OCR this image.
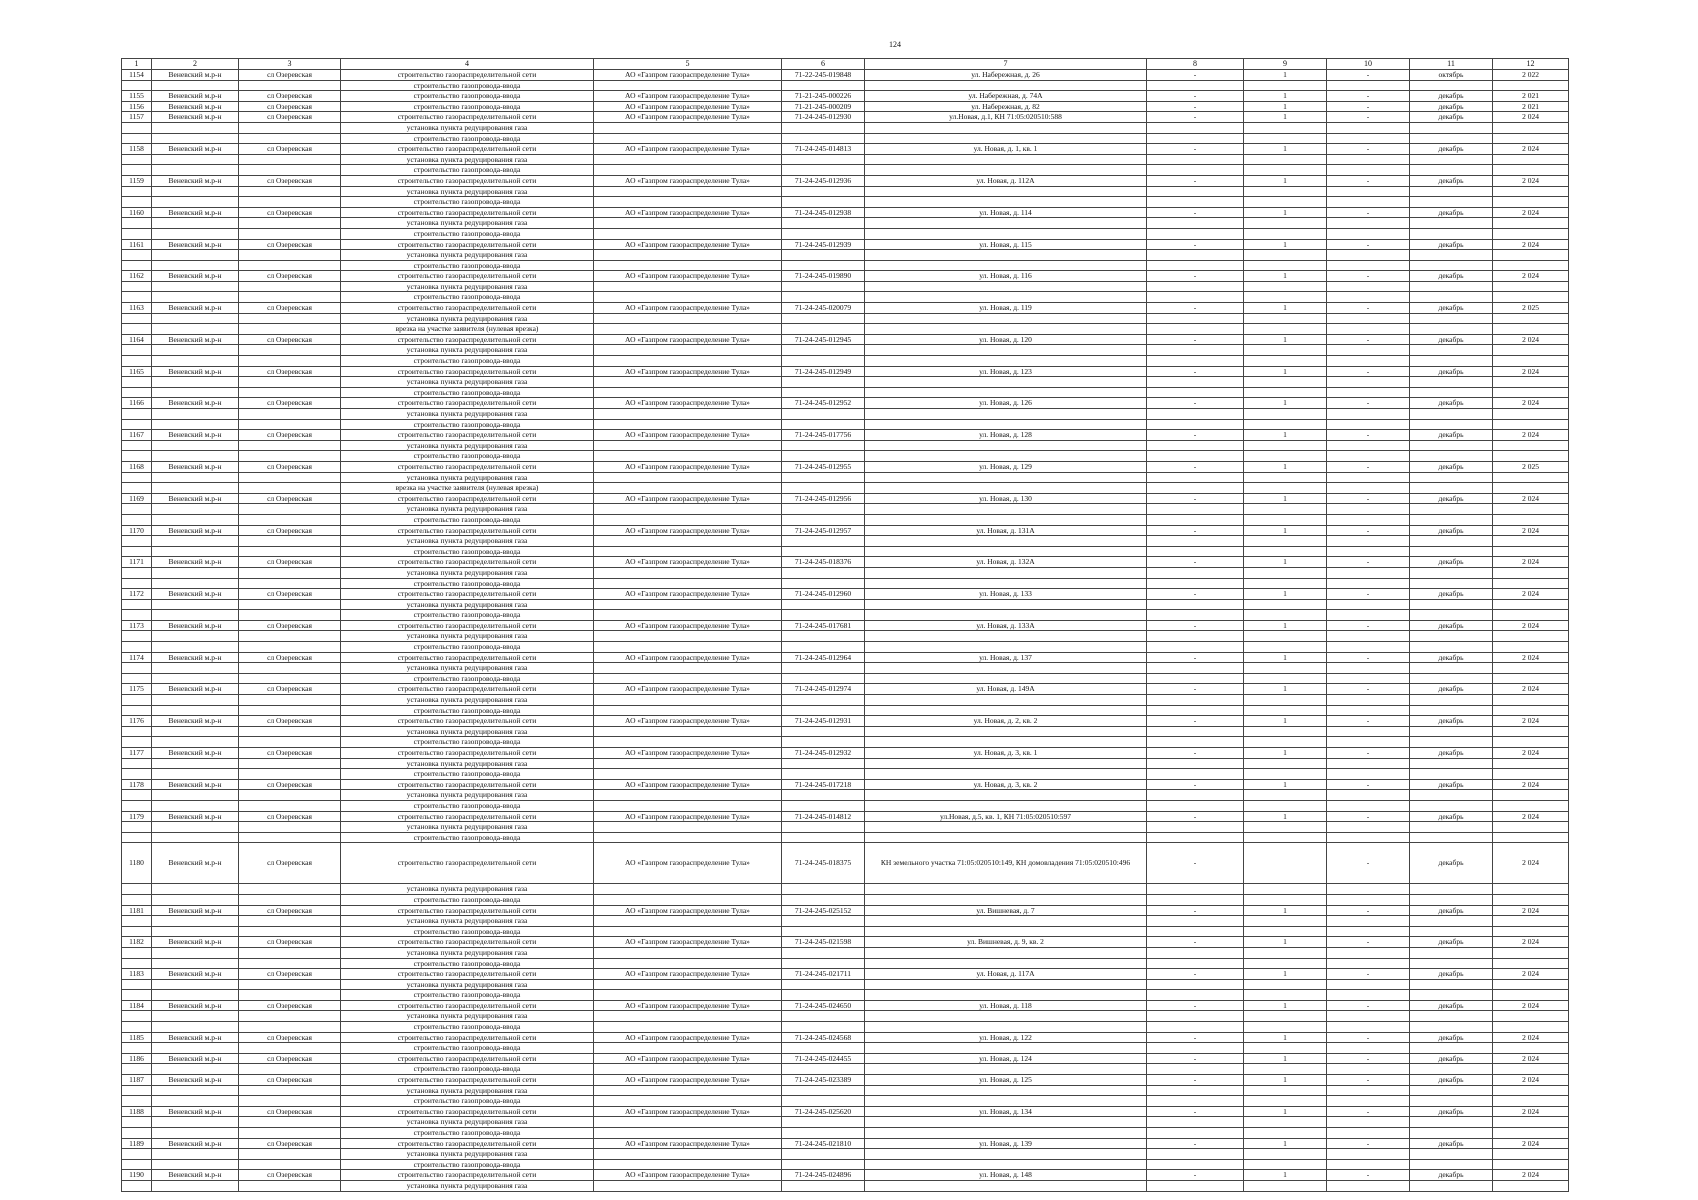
124
1	2	3	4	5	6	7	8	9	10	11	12
1154	Веневский м.р-н	сл Озеревская	строительство газораспределительной сети	АО «Газпром газораспределение Тула»	71-22-245-019848	ул. Набережная, д. 26	-	1	-	октябрь	2 022
			строительство газопровода-ввода								
1155	Веневский м.р-н	сл Озеревская	строительство газопровода-ввода	АО «Газпром газораспределение Тула»	71-21-245-000226	ул. Набережная, д. 74А	-	1	-	декабрь	2 021
1156	Веневский м.р-н	сл Озеревская	строительство газопровода-ввода	АО «Газпром газораспределение Тула»	71-21-245-000209	ул. Набережная, д. 82	-	1	-	декабрь	2 021
1157	Веневский м.р-н	сл Озеревская	строительство газораспределительной сети	АО «Газпром газораспределение Тула»	71-24-245-012930	ул.Новая, д.1, КН 71:05:020510:588	-	1	-	декабрь	2 024
			установка пункта редуцирования газа								
			строительство газопровода-ввода								
1158	Веневский м.р-н	сл Озеревская	строительство газораспределительной сети	АО «Газпром газораспределение Тула»	71-24-245-014813	ул. Новая, д. 1, кв. 1	-	1	-	декабрь	2 024
			установка пункта редуцирования газа								
			строительство газопровода-ввода								
1159	Веневский м.р-н	сл Озеревская	строительство газораспределительной сети	АО «Газпром газораспределение Тула»	71-24-245-012936	ул. Новая, д. 112А	-	1	-	декабрь	2 024
			установка пункта редуцирования газа								
			строительство газопровода-ввода								
1160	Веневский м.р-н	сл Озеревская	строительство газораспределительной сети	АО «Газпром газораспределение Тула»	71-24-245-012938	ул. Новая, д. 114	-	1	-	декабрь	2 024
			установка пункта редуцирования газа								
			строительство газопровода-ввода								
1161	Веневский м.р-н	сл Озеревская	строительство газораспределительной сети	АО «Газпром газораспределение Тула»	71-24-245-012939	ул. Новая, д. 115	-	1	-	декабрь	2 024
			установка пункта редуцирования газа								
			строительство газопровода-ввода								
1162	Веневский м.р-н	сл Озеревская	строительство газораспределительной сети	АО «Газпром газораспределение Тула»	71-24-245-019890	ул. Новая, д. 116	-	1	-	декабрь	2 024
			установка пункта редуцирования газа								
			строительство газопровода-ввода								
1163	Веневский м.р-н	сл Озеревская	строительство газораспределительной сети	АО «Газпром газораспределение Тула»	71-24-245-020079	ул. Новая, д. 119	-	1	-	декабрь	2 025
			установка пункта редуцирования газа								
			врезка на участке заявителя (нулевая врезка)								
1164	Веневский м.р-н	сл Озеревская	строительство газораспределительной сети	АО «Газпром газораспределение Тула»	71-24-245-012945	ул. Новая, д. 120	-	1	-	декабрь	2 024
			установка пункта редуцирования газа								
			строительство газопровода-ввода								
1165	Веневский м.р-н	сл Озеревская	строительство газораспределительной сети	АО «Газпром газораспределение Тула»	71-24-245-012949	ул. Новая, д. 123	-	1	-	декабрь	2 024
			установка пункта редуцирования газа								
			строительство газопровода-ввода								
1166	Веневский м.р-н	сл Озеревская	строительство газораспределительной сети	АО «Газпром газораспределение Тула»	71-24-245-012952	ул. Новая, д. 126	-	1	-	декабрь	2 024
			установка пункта редуцирования газа								
			строительство газопровода-ввода								
1167	Веневский м.р-н	сл Озеревская	строительство газораспределительной сети	АО «Газпром газораспределение Тула»	71-24-245-017756	ул. Новая, д. 128	-	1	-	декабрь	2 024
			установка пункта редуцирования газа								
			строительство газопровода-ввода								
1168	Веневский м.р-н	сл Озеревская	строительство газораспределительной сети	АО «Газпром газораспределение Тула»	71-24-245-012955	ул. Новая, д. 129	-	1	-	декабрь	2 025
			установка пункта редуцирования газа								
			врезка на участке заявителя (нулевая врезка)								
1169	Веневский м.р-н	сл Озеревская	строительство газораспределительной сети	АО «Газпром газораспределение Тула»	71-24-245-012956	ул. Новая, д. 130	-	1	-	декабрь	2 024
			установка пункта редуцирования газа								
			строительство газопровода-ввода								
1170	Веневский м.р-н	сл Озеревская	строительство газораспределительной сети	АО «Газпром газораспределение Тула»	71-24-245-012957	ул. Новая, д. 131А	-	1	-	декабрь	2 024
			установка пункта редуцирования газа								
			строительство газопровода-ввода								
1171	Веневский м.р-н	сл Озеревская	строительство газораспределительной сети	АО «Газпром газораспределение Тула»	71-24-245-018376	ул. Новая, д. 132А	-	1	-	декабрь	2 024
			установка пункта редуцирования газа								
			строительство газопровода-ввода								
1172	Веневский м.р-н	сл Озеревская	строительство газораспределительной сети	АО «Газпром газораспределение Тула»	71-24-245-012960	ул. Новая, д. 133	-	1	-	декабрь	2 024
			установка пункта редуцирования газа								
			строительство газопровода-ввода								
1173	Веневский м.р-н	сл Озеревская	строительство газораспределительной сети	АО «Газпром газораспределение Тула»	71-24-245-017681	ул. Новая, д. 133А	-	1	-	декабрь	2 024
			установка пункта редуцирования газа								
			строительство газопровода-ввода								
1174	Веневский м.р-н	сл Озеревская	строительство газораспределительной сети	АО «Газпром газораспределение Тула»	71-24-245-012964	ул. Новая, д. 137	-	1	-	декабрь	2 024
			установка пункта редуцирования газа								
			строительство газопровода-ввода								
1175	Веневский м.р-н	сл Озеревская	строительство газораспределительной сети	АО «Газпром газораспределение Тула»	71-24-245-012974	ул. Новая, д. 149А	-	1	-	декабрь	2 024
			установка пункта редуцирования газа								
			строительство газопровода-ввода								
1176	Веневский м.р-н	сл Озеревская	строительство газораспределительной сети	АО «Газпром газораспределение Тула»	71-24-245-012931	ул. Новая, д. 2, кв. 2	-	1	-	декабрь	2 024
			установка пункта редуцирования газа								
			строительство газопровода-ввода								
1177	Веневский м.р-н	сл Озеревская	строительство газораспределительной сети	АО «Газпром газораспределение Тула»	71-24-245-012932	ул. Новая, д. 3, кв. 1	-	1	-	декабрь	2 024
			установка пункта редуцирования газа								
			строительство газопровода-ввода								
1178	Веневский м.р-н	сл Озеревская	строительство газораспределительной сети	АО «Газпром газораспределение Тула»	71-24-245-017218	ул. Новая, д. 3, кв. 2	-	1	-	декабрь	2 024
			установка пункта редуцирования газа								
			строительство газопровода-ввода								
1179	Веневский м.р-н	сл Озеревская	строительство газораспределительной сети	АО «Газпром газораспределение Тула»	71-24-245-014812	ул.Новая, д.5, кв. 1, КН 71:05:020510:597	-	1	-	декабрь	2 024
			установка пункта редуцирования газа								
			строительство газопровода-ввода								
1180	Веневский м.р-н	сл Озеревская	строительство газораспределительной сети	АО «Газпром газораспределение Тула»	71-24-245-018375	КН земельного участка 71:05:020510:149, КН домовладения 71:05:020510:496	-		-	декабрь	2 024
			установка пункта редуцирования газа								
			строительство газопровода-ввода								
1181	Веневский м.р-н	сл Озеревская	строительство газораспределительной сети	АО «Газпром газораспределение Тула»	71-24-245-025152	ул. Вишневая, д. 7	-	1	-	декабрь	2 024
			установка пункта редуцирования газа								
			строительство газопровода-ввода								
1182	Веневский м.р-н	сл Озеревская	строительство газораспределительной сети	АО «Газпром газораспределение Тула»	71-24-245-021598	ул. Вишневая, д. 9, кв. 2	-	1	-	декабрь	2 024
			установка пункта редуцирования газа								
			строительство газопровода-ввода								
1183	Веневский м.р-н	сл Озеревская	строительство газораспределительной сети	АО «Газпром газораспределение Тула»	71-24-245-021711	ул. Новая, д. 117А	-	1	-	декабрь	2 024
			установка пункта редуцирования газа								
			строительство газопровода-ввода								
1184	Веневский м.р-н	сл Озеревская	строительство газораспределительной сети	АО «Газпром газораспределение Тула»	71-24-245-024650	ул. Новая, д. 118	-	1	-	декабрь	2 024
			установка пункта редуцирования газа								
			строительство газопровода-ввода								
1185	Веневский м.р-н	сл Озеревская	строительство газораспределительной сети	АО «Газпром газораспределение Тула»	71-24-245-024568	ул. Новая, д. 122	-	1	-	декабрь	2 024
			строительство газопровода-ввода								
1186	Веневский м.р-н	сл Озеревская	строительство газораспределительной сети	АО «Газпром газораспределение Тула»	71-24-245-024455	ул. Новая, д. 124	-	1	-	декабрь	2 024
			строительство газопровода-ввода								
1187	Веневский м.р-н	сл Озеревская	строительство газораспределительной сети	АО «Газпром газораспределение Тула»	71-24-245-023389	ул. Новая, д. 125	-	1	-	декабрь	2 024
			установка пункта редуцирования газа								
			строительство газопровода-ввода								
1188	Веневский м.р-н	сл Озеревская	строительство газораспределительной сети	АО «Газпром газораспределение Тула»	71-24-245-025620	ул. Новая, д. 134	-	1	-	декабрь	2 024
			установка пункта редуцирования газа								
			строительство газопровода-ввода								
1189	Веневский м.р-н	сл Озеревская	строительство газораспределительной сети	АО «Газпром газораспределение Тула»	71-24-245-021810	ул. Новая, д. 139	-	1	-	декабрь	2 024
			установка пункта редуцирования газа								
			строительство газопровода-ввода								
1190	Веневский м.р-н	сл Озеревская	строительство газораспределительной сети	АО «Газпром газораспределение Тула»	71-24-245-024896	ул. Новая, д. 148	-	1	-	декабрь	2 024
			установка пункта редуцирования газа								
